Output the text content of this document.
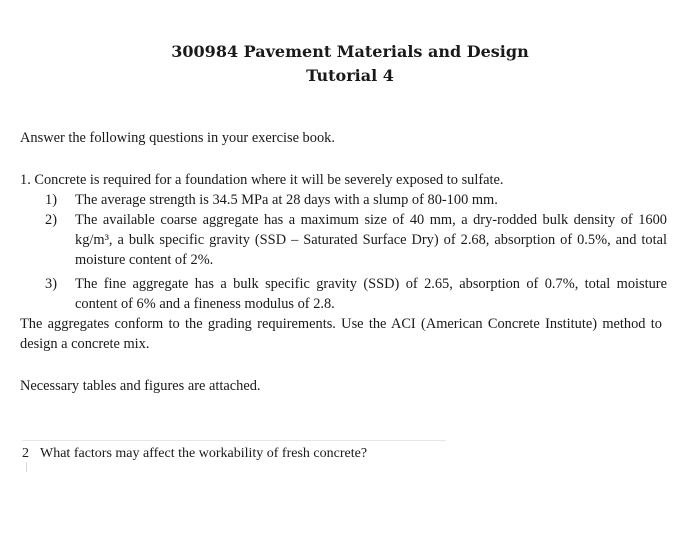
300984 Pavement Materials and Design
Tutorial 4
Answer the following questions in your exercise book.
1. Concrete is required for a foundation where it will be severely exposed to sulfate.
1)	The average strength is 34.5 MPa at 28 days with a slump of 80-100 mm.
2)	The available coarse aggregate has a maximum size of 40 mm, a dry-rodded bulk density of 1600 kg/m³, a bulk specific gravity (SSD – Saturated Surface Dry) of 2.68, absorption of 0.5%, and total moisture content of 2%.
3)	The fine aggregate has a bulk specific gravity (SSD) of 2.65, absorption of 0.7%, total moisture content of 6% and a fineness modulus of 2.8.
The aggregates conform to the grading requirements. Use the ACI (American Concrete Institute) method to design a concrete mix.
Necessary tables and figures are attached.
2 What factors may affect the workability of fresh concrete?
